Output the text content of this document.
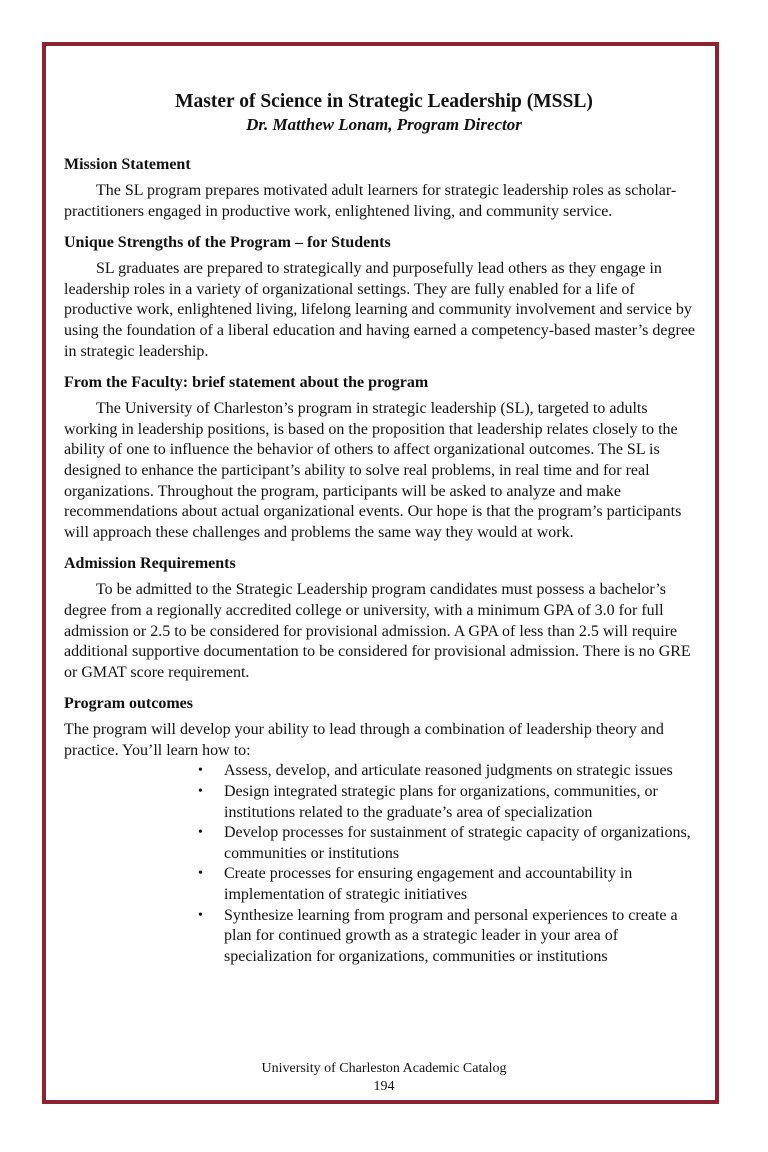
Master of Science in Strategic Leadership (MSSL)
Dr. Matthew Lonam, Program Director
Mission Statement

The SL program prepares motivated adult learners for strategic leadership roles as scholar-practitioners engaged in productive work, enlightened living, and community service.

Unique Strengths of the Program – for Students

SL graduates are prepared to strategically and purposefully lead others as they engage in leadership roles in a variety of organizational settings. They are fully enabled for a life of productive work, enlightened living, lifelong learning and community involvement and service by using the foundation of a liberal education and having earned a competency-based master’s degree in strategic leadership.

From the Faculty: brief statement about the program

The University of Charleston’s program in strategic leadership (SL), targeted to adults working in leadership positions, is based on the proposition that leadership relates closely to the ability of one to influence the behavior of others to affect organizational outcomes. The SL is designed to enhance the participant’s ability to solve real problems, in real time and for real organizations. Throughout the program, participants will be asked to analyze and make recommendations about actual organizational events. Our hope is that the program’s participants will approach these challenges and problems the same way they would at work.

Admission Requirements

To be admitted to the Strategic Leadership program candidates must possess a bachelor’s degree from a regionally accredited college or university, with a minimum GPA of 3.0 for full admission or 2.5 to be considered for provisional admission. A GPA of less than 2.5 will require additional supportive documentation to be considered for provisional admission. There is no GRE or GMAT score requirement.

Program outcomes

The program will develop your ability to lead through a combination of leadership theory and practice. You’ll learn how to:

• Assess, develop, and articulate reasoned judgments on strategic issues
• Design integrated strategic plans for organizations, communities, or institutions related to the graduate’s area of specialization
• Develop processes for sustainment of strategic capacity of organizations, communities or institutions
• Create processes for ensuring engagement and accountability in implementation of strategic initiatives
• Synthesize learning from program and personal experiences to create a plan for continued growth as a strategic leader in your area of specialization for organizations, communities or institutions
University of Charleston Academic Catalog
194
